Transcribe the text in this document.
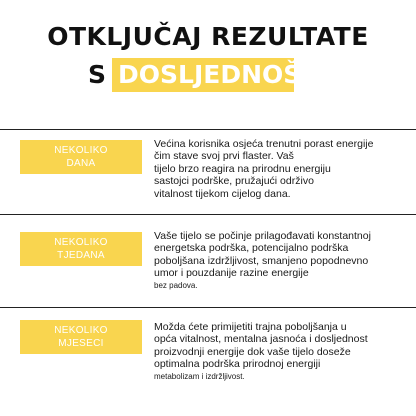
OTKLJUČAJ REZULTATE
S DOSLJEDNOŠĆU
NEKOLIKO
DANA
Većina korisnika osjeća trenutni porast energije
čim stave svoj prvi flaster. Vaš
tijelo brzo reagira na prirodnu energiju
sastojci podrške, pružajući održivo
vitalnost tijekom cijelog dana.
NEKOLIKO
TJEDANA
Vaše tijelo se počinje prilagođavati konstantnoj
energetska podrška, potencijalno podrška
poboljšana izdržljivost, smanjeno popodnevno
umor i pouzdanije razine energije
bez padova.
NEKOLIKO
MJESECI
Možda ćete primijetiti trajna poboljšanja u
opća vitalnost, mentalna jasnoća i dosljednost
proizvodnji energije dok vaše tijelo doseže
optimalna podrška prirodnoj energiji
metabolizam i izdržljivost.
